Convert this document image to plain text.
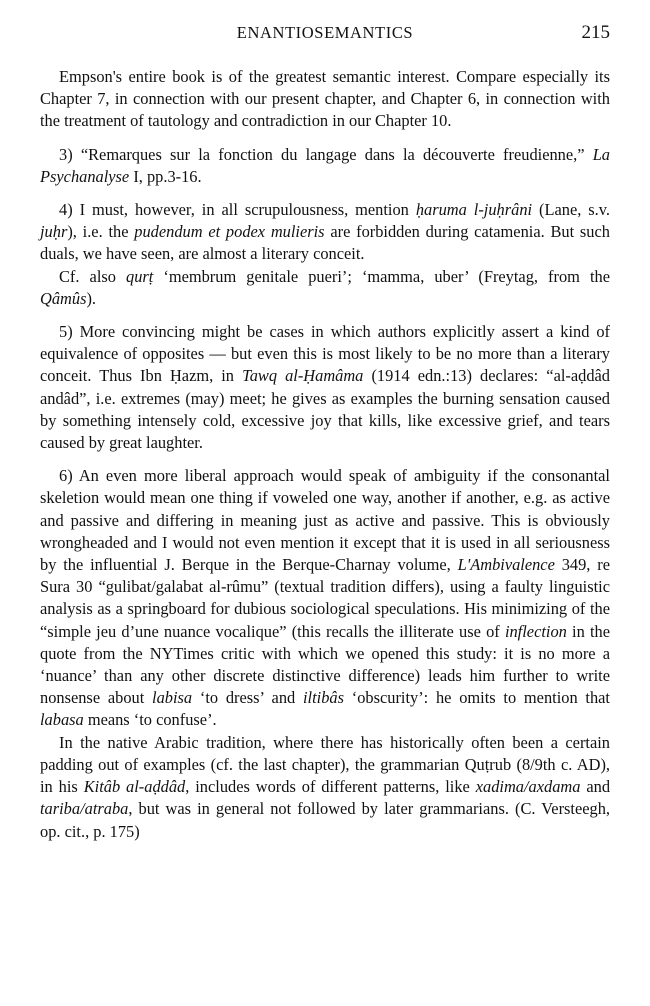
ENANTIOSEMANTICS	215

Empson's entire book is of the greatest semantic interest. Compare especially its Chapter 7, in connection with our present chapter, and Chapter 6, in connection with the treatment of tautology and contradiction in our Chapter 10.

3) “Remarques sur la fonction du langage dans la découverte freudienne,” La Psychanalyse I, pp.3-16.

4) I must, however, in all scrupulousness, mention ḥaruma l-juḥrâni (Lane, s.v. juḥr), i.e. the pudendum et podex mulieris are forbidden during catamenia. But such duals, we have seen, are almost a literary conceit.

Cf. also qurṭ ‘membrum genitale pueri’; ‘mamma, uber’ (Freytag, from the Qâmûs).

5) More convincing might be cases in which authors explicitly assert a kind of equivalence of opposites — but even this is most likely to be no more than a literary conceit. Thus Ibn Ḥazm, in Tawq al-Ḥamâma (1914 edn.:13) declares: “al-aḍdâd andâd”, i.e. extremes (may) meet; he gives as examples the burning sensation caused by something intensely cold, excessive joy that kills, like excessive grief, and tears caused by great laughter.

6) An even more liberal approach would speak of ambiguity if the consonantal skeletion would mean one thing if voweled one way, another if another, e.g. as active and passive and differing in meaning just as active and passive. This is obviously wrongheaded and I would not even mention it except that it is used in all seriousness by the influential J. Berque in the Berque-Charnay volume, L'Ambivalence 349, re Sura 30 “gulibat/galabat al-rûmu” (textual tradition differs), using a faulty linguistic analysis as a springboard for dubious sociological speculations. His minimizing of the “simple jeu d’une nuance vocalique” (this recalls the illiterate use of inflection in the quote from the NYTimes critic with which we opened this study: it is no more a ‘nuance’ than any other discrete distinctive difference) leads him further to write nonsense about labisa ‘to dress’ and iltibâs ‘obscurity’: he omits to mention that labasa means ‘to confuse’.

In the native Arabic tradition, where there has historically often been a certain padding out of examples (cf. the last chapter), the grammarian Quṭrub (8/9th c. AD), in his Kitâb al-aḍdâd, includes words of different patterns, like xadima/axdama and tariba/atraba, but was in general not followed by later grammarians. (C. Versteegh, op. cit., p. 175)
